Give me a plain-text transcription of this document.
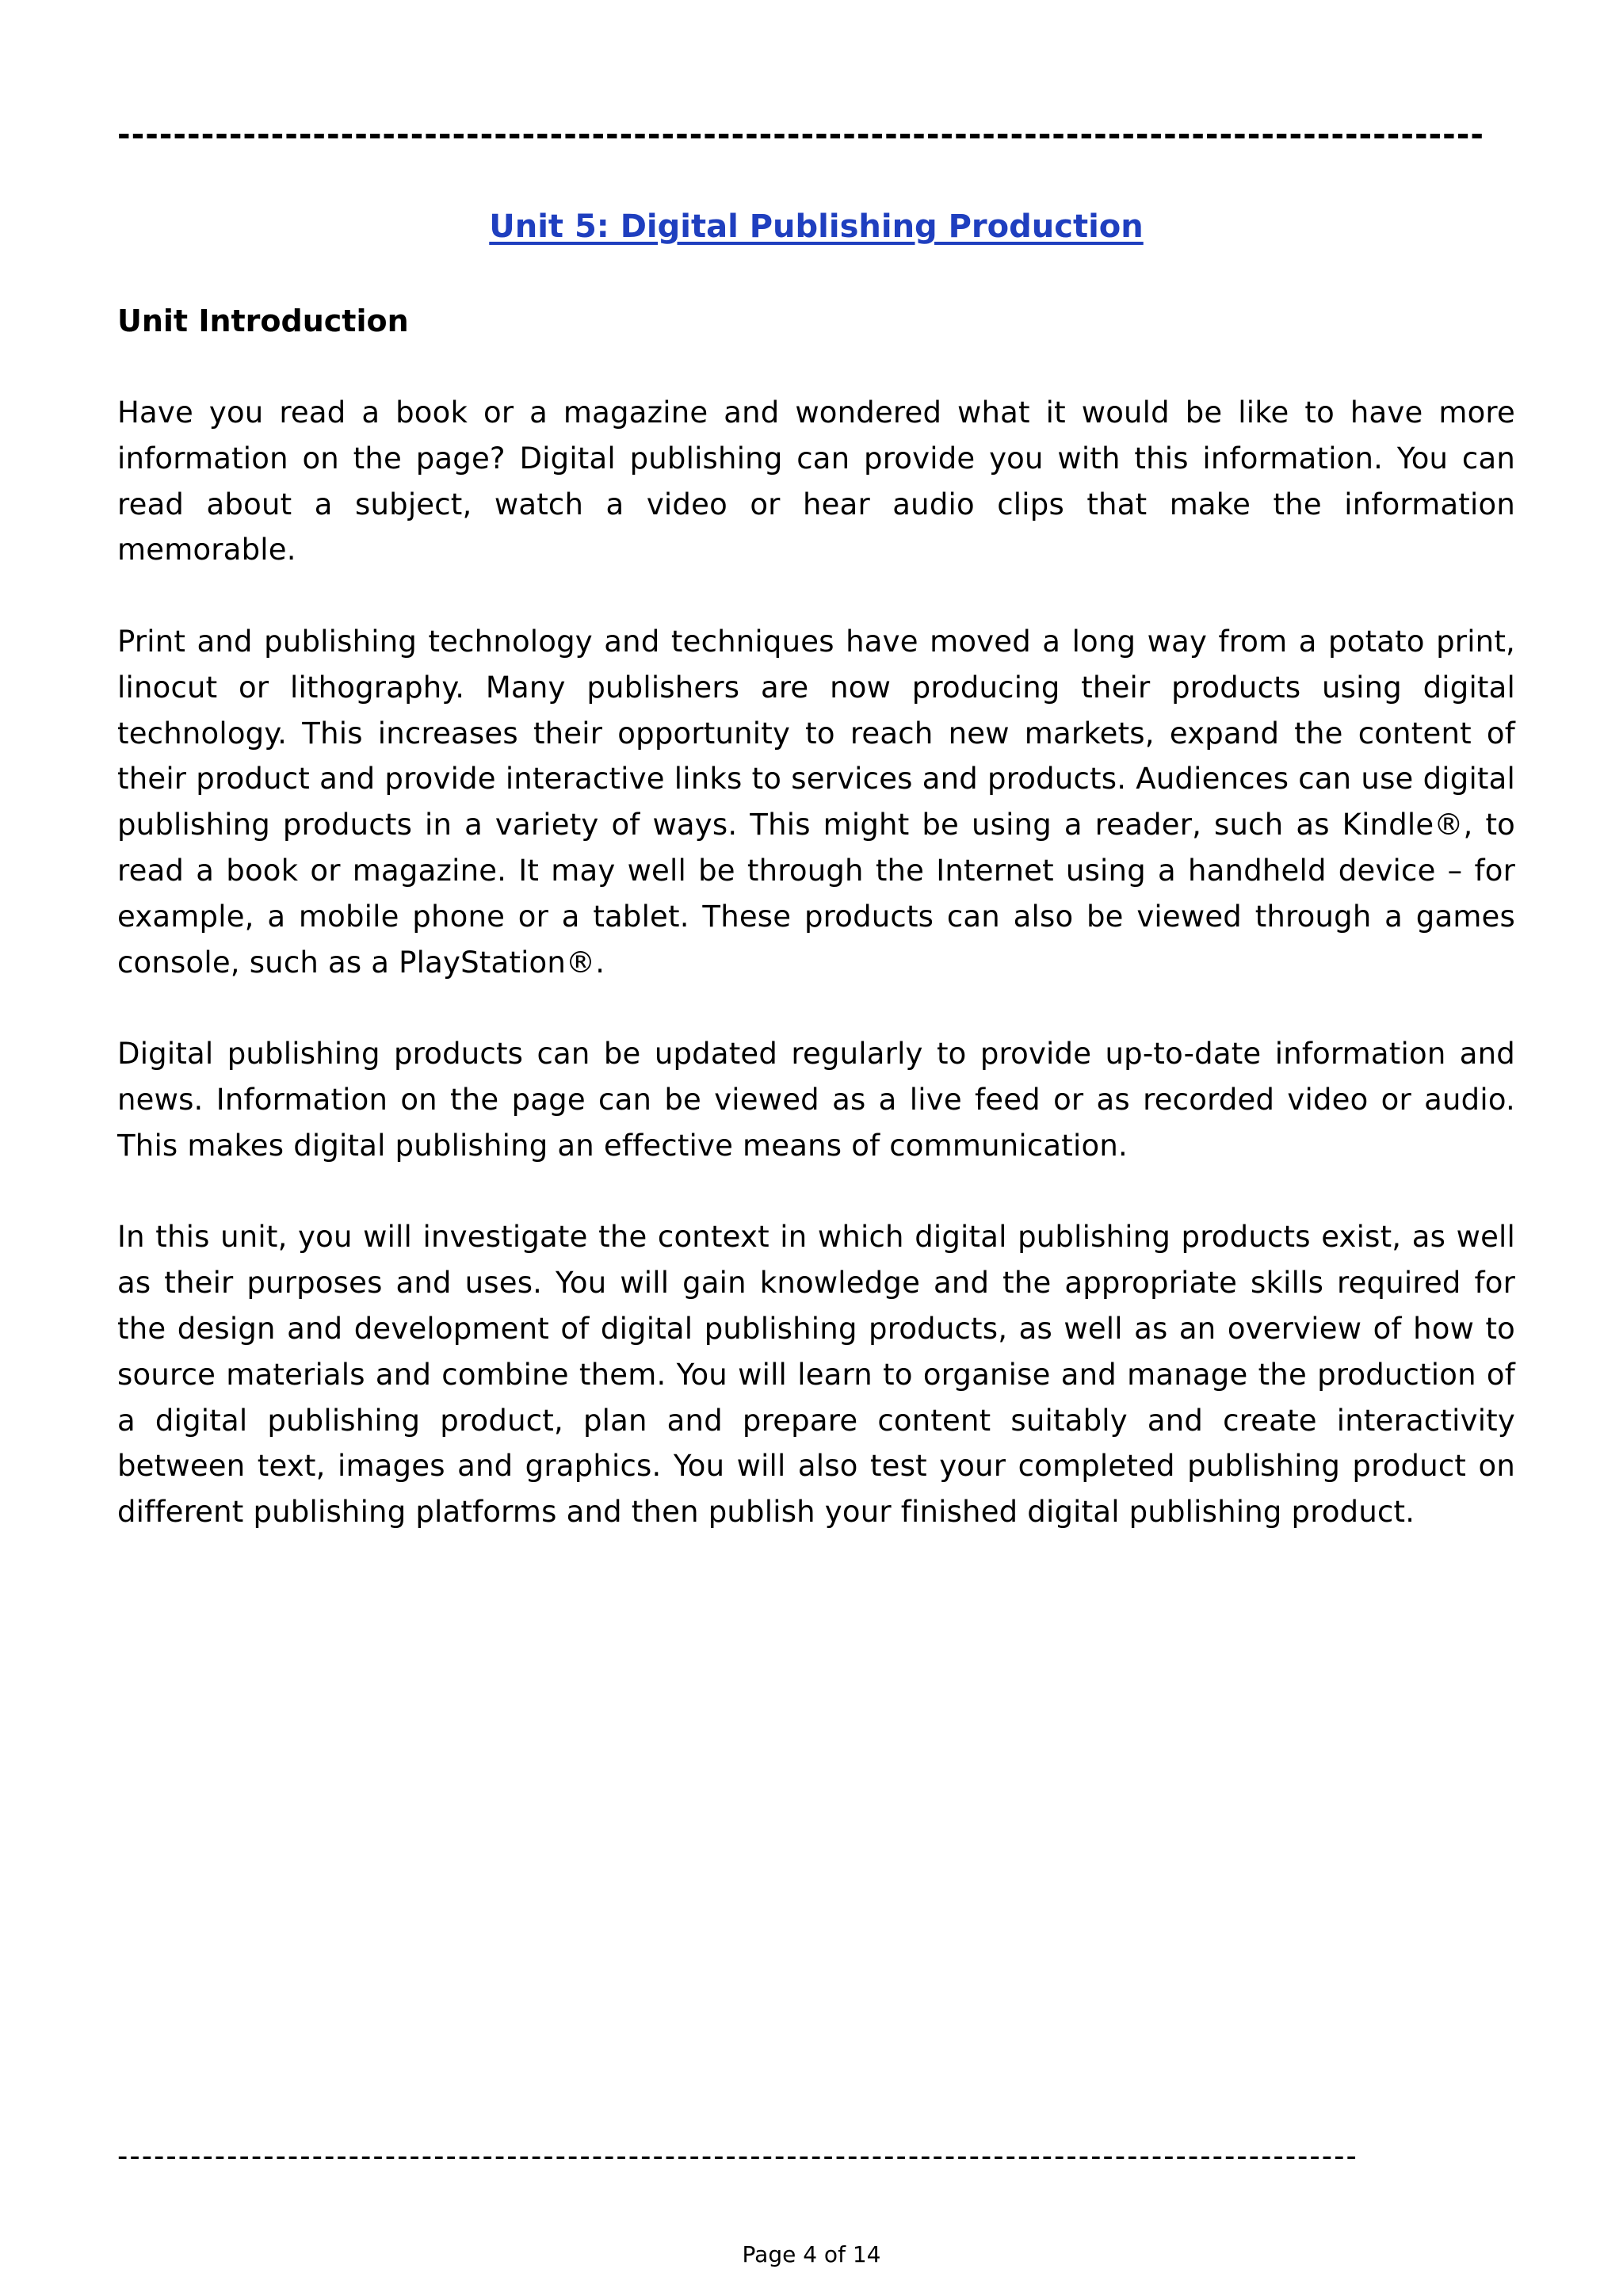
--------------------------------------------------------------------------------------------------
Unit 5: Digital Publishing Production
Unit Introduction

Have you read a book or a magazine and wondered what it would be like to have more information on the page? Digital publishing can provide you with this information. You can read about a subject, watch a video or hear audio clips that make the information memorable.

Print and publishing technology and techniques have moved a long way from a potato print, linocut or lithography. Many publishers are now producing their products using digital technology. This increases their opportunity to reach new markets, expand the content of their product and provide interactive links to services and products. Audiences can use digital publishing products in a variety of ways. This might be using a reader, such as Kindle®, to read a book or magazine. It may well be through the Internet using a handheld device – for example, a mobile phone or a tablet. These products can also be viewed through a games console, such as a PlayStation®.

Digital publishing products can be updated regularly to provide up-to-date information and news. Information on the page can be viewed as a live feed or as recorded video or audio. This makes digital publishing an effective means of communication.

In this unit, you will investigate the context in which digital publishing products exist, as well as their purposes and uses. You will gain knowledge and the appropriate skills required for the design and development of digital publishing products, as well as an overview of how to source materials and combine them. You will learn to organise and manage the production of a digital publishing product, plan and prepare content suitably and create interactivity between text, images and graphics. You will also test your completed publishing product on different publishing platforms and then publish your finished digital publishing product.

------------------------------------------------------------------------------------------------------

Page 4 of 14
